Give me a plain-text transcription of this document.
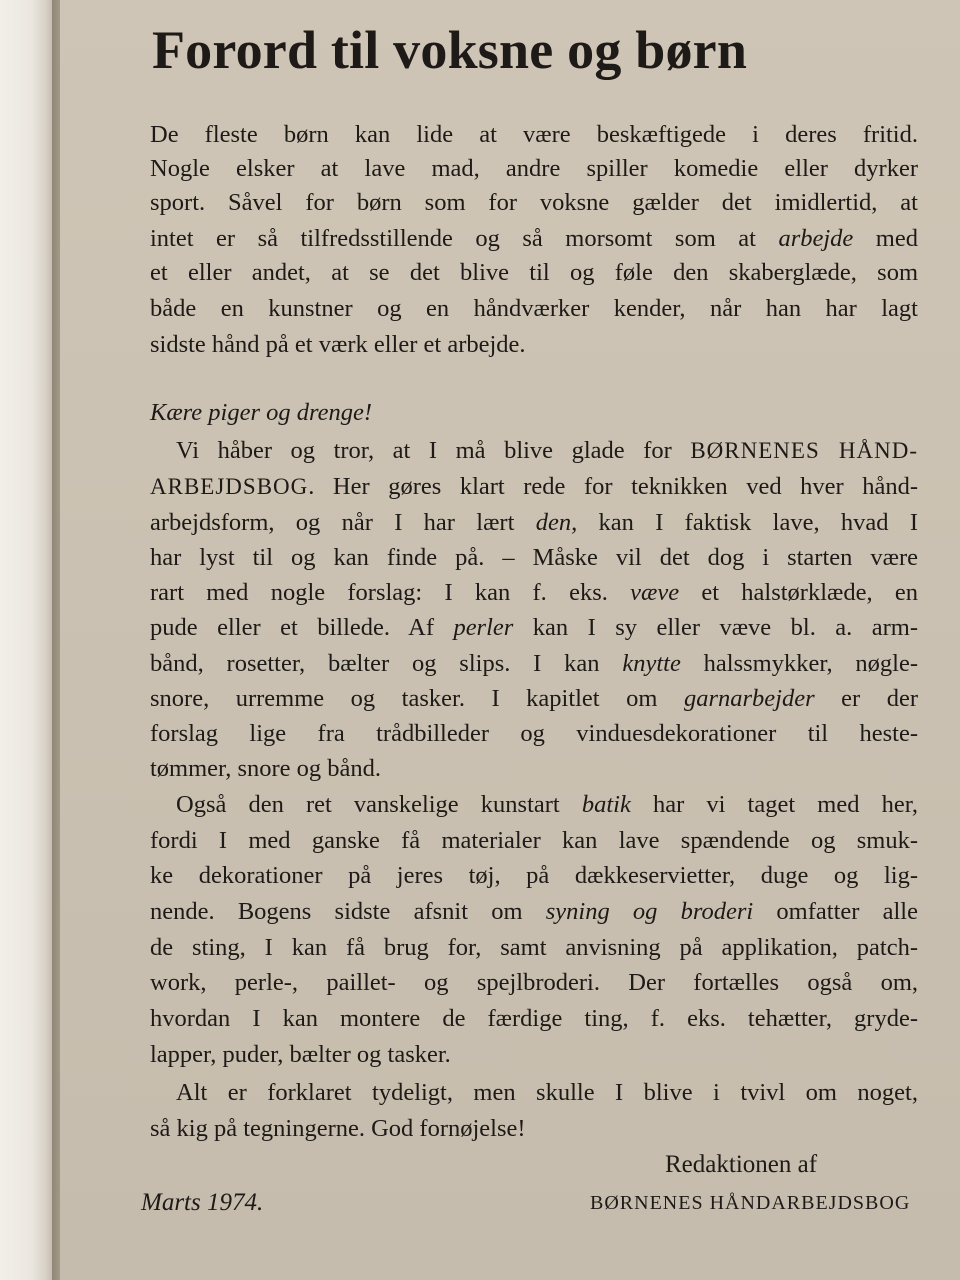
Forord til voksne og børn

De fleste børn kan lide at være beskæftigede i deres fritid.

Nogle elsker at lave mad, andre spiller komedie eller dyrker

sport. Såvel for børn som for voksne gælder det imidlertid, at

intet er så tilfredsstillende og så morsomt som at arbejde med

et eller andet, at se det blive til og føle den skaberglæde, som

både en kunstner og en håndværker kender, når han har lagt

sidste hånd på et værk eller et arbejde.

Kære piger og drenge!

Vi håber og tror, at I må blive glade for BØRNENES HÅND-

ARBEJDSBOG. Her gøres klart rede for teknikken ved hver hånd-

arbejdsform, og når I har lært den, kan I faktisk lave, hvad I

har lyst til og kan finde på. – Måske vil det dog i starten være

rart med nogle forslag: I kan f. eks. væve et halstørklæde, en

pude eller et billede. Af perler kan I sy eller væve bl. a. arm-

bånd, rosetter, bælter og slips. I kan knytte halssmykker, nøgle-

snore, urremme og tasker. I kapitlet om garnarbejder er der

forslag lige fra trådbilleder og vinduesdekorationer til heste-

tømmer, snore og bånd.

Også den ret vanskelige kunstart batik har vi taget med her,

fordi I med ganske få materialer kan lave spændende og smuk-

ke dekorationer på jeres tøj, på dækkeservietter, duge og lig-

nende. Bogens sidste afsnit om syning og broderi omfatter alle

de sting, I kan få brug for, samt anvisning på applikation, patch-

work, perle-, paillet- og spejlbroderi. Der fortælles også om,

hvordan I kan montere de færdige ting, f. eks. tehætter, gryde-

lapper, puder, bælter og tasker.

Alt er forklaret tydeligt, men skulle I blive i tvivl om noget,

så kig på tegningerne. God fornøjelse!

Redaktionen af

Marts 1974.	BØRNENES HÅNDARBEJDSBOG
